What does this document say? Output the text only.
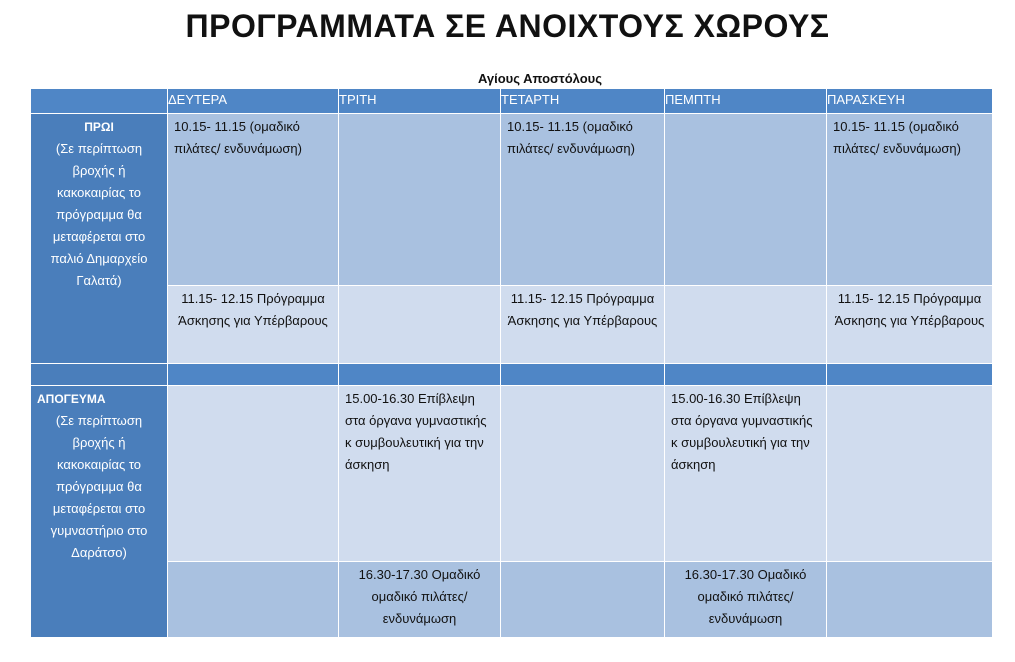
ΠΡΟΓΡΑΜΜΑΤΑ ΣΕ ΑΝΟΙΧΤΟΥΣ ΧΩΡΟΥΣ
Αγίους Αποστόλους
	ΔΕΥΤΕΡΑ	ΤΡΙΤΗ	ΤΕΤΑΡΤΗ	ΠΕΜΠΤΗ	ΠΑΡΑΣΚΕΥΗ

ΠΡΩΙ
(Σε περίπτωση βροχής ή κακοκαιρίας το πρόγραμμα θα μεταφέρεται στο παλιό Δημαρχείο Γαλατά)	10.15- 11.15 (ομαδικό πιλάτες/ ενδυνάμωση)		10.15- 11.15 (ομαδικό πιλάτες/ ενδυνάμωση)		10.15- 11.15 (ομαδικό πιλάτες/ ενδυνάμωση)
	11.15- 12.15 Πρόγραμμα Άσκησης για Υπέρβαρους		11.15- 12.15 Πρόγραμμα Άσκησης για Υπέρβαρους		11.15- 12.15 Πρόγραμμα Άσκησης για Υπέρβαρους

ΑΠΟΓΕΥΜΑ
(Σε περίπτωση βροχής ή κακοκαιρίας το πρόγραμμα θα μεταφέρεται στο γυμναστήριο στο Δαράτσο)		15.00-16.30 Επίβλεψη στα όργανα γυμναστικής κ συμβουλευτική για την άσκηση		15.00-16.30 Επίβλεψη στα όργανα γυμναστικής κ συμβουλευτική για την άσκηση	
		16.30-17.30 Ομαδικό ομαδικό πιλάτες/ ενδυνάμωση		16.30-17.30 Ομαδικό ομαδικό πιλάτες/ ενδυνάμωση	
